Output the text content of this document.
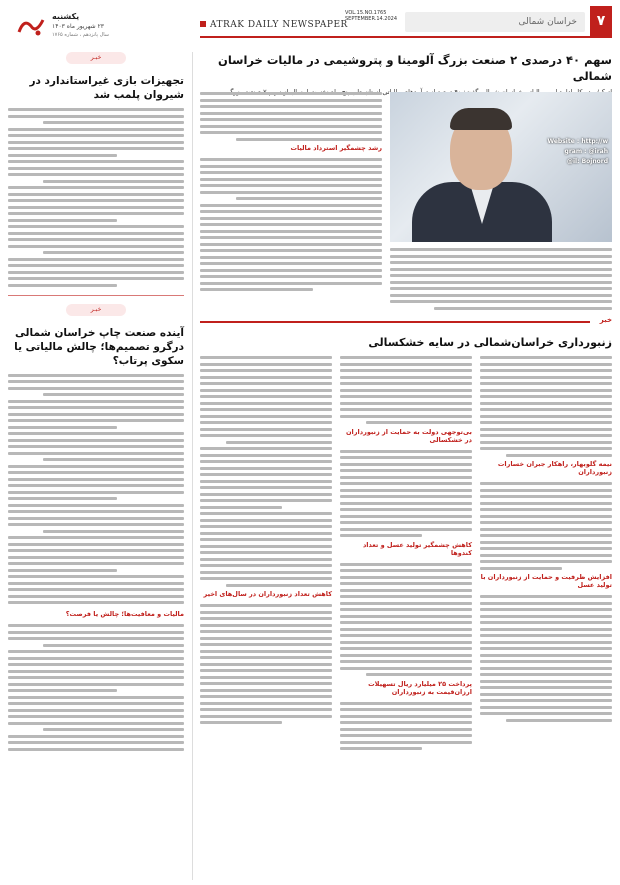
یکشنبه
۲۳ شهریور ماه ۱۴۰۳
سال پانزدهم ، شماره ۱۷۶۵
ATRAK DAILY NEWSPAPER
VOL.15.NO.1765
SEPTEMBER.14.2024	خراسان شمالی	۷
خبـر
تجهیزات بازی غیراستاندارد در شیروان پلمب شد
خبـر
آینده صنعت چاپ خراسان شمالی درگرو تصمیم‌ها؛ چالش مالیاتی یا سکوی پرتاب؟
مالیات و معافیت‌ها؛ چالش یا فرصت؟
سهم ۴۰ درصدی ۲ صنعت بزرگ آلومینا و پتروشیمی در مالیات خراسان شمالی
Website : http://w
gram : @irah
il: Bojnord@
رشد چشمگیر استرداد مالیات
خبر
زنبورداری خراسان‌شمالی در سایه خشکسالی
کاهش تعداد زنبورداران در سال‌های اخیر
بی‌توجهی دولت به حمایت از زنبورداران در خشکسالی
کاهش چشمگیر تولید عسل و تعداد کندوها
پرداخت ۲۵ میلیارد ریال تسهیلات ارزان‌قیمت به زنبورداران
نیمه گلوبهار، راهکار جبران خسارات زنبورداران
افزایش ظرفیت و حمایت از زنبورداران با تولید عسل
